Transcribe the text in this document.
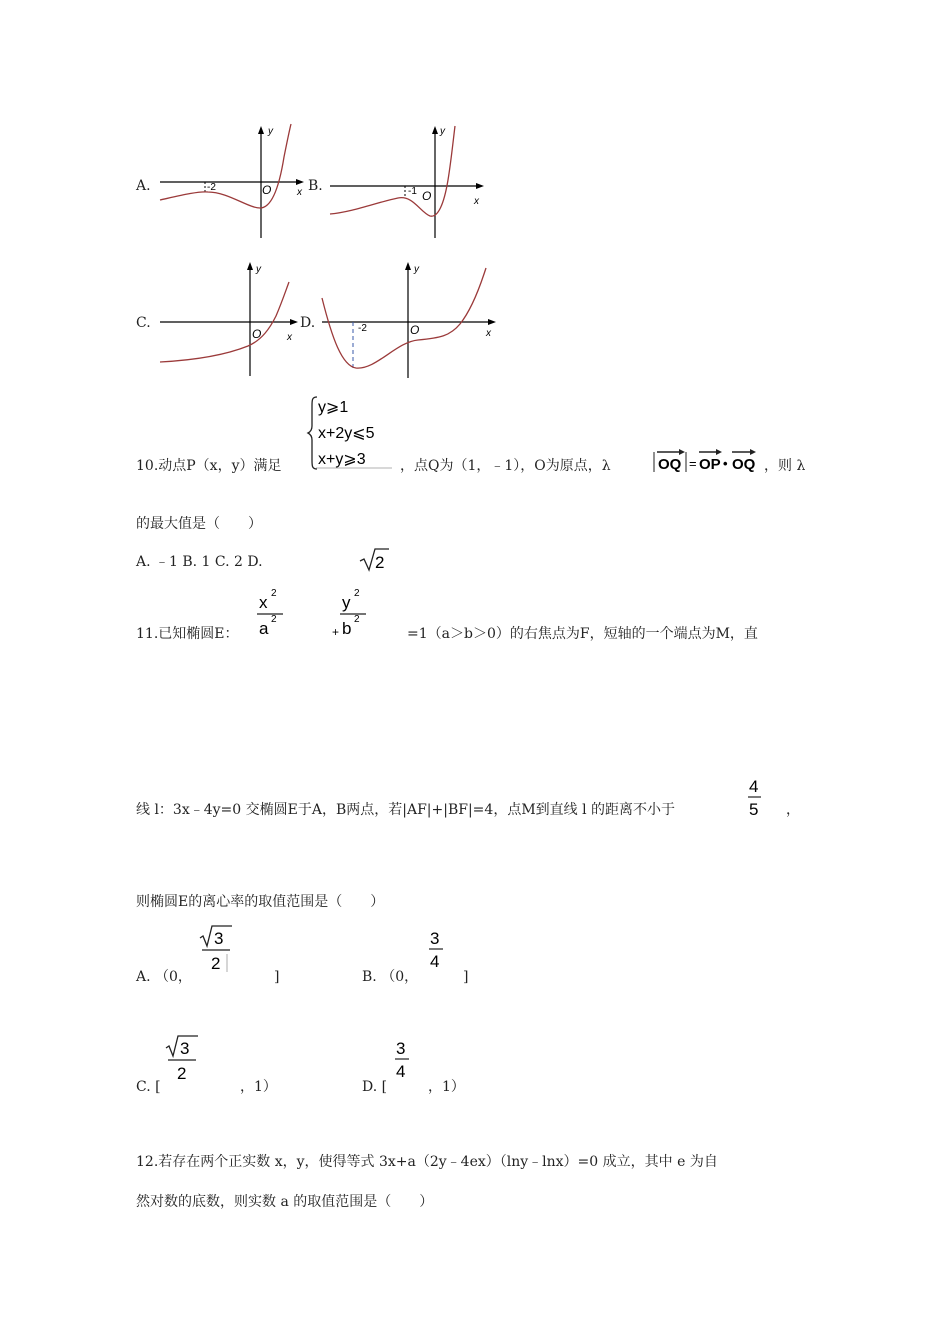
A.	-2	O	x
y
B.	-1 O	x
y
C.
O	x
y
D.	-2	O	x
y
y⩾1
x+2y⩽5
x+y⩾3
10.动点P（x，y）满足	，点Q为（1，﹣1），O为原点，λ	OQ = OP • OQ ，则 λ
的最大值是（　　）
A. ﹣1 B. 1 C. 2 D.	2
x 2
a 2
y 2
+ b 2
11.已知椭圆E：	=1（a＞b＞0）的右焦点为F，短轴的一个端点为M，直
线 l：3x﹣4y=0 交椭圆E于A，B两点，若|AF|+|BF|=4，点M到直线 l 的距离不小于
4
5 ，
则椭圆E的离心率的取值范围是（　　）
A. （0，
3
2
]	B. （0，
3
4
]
C. [
3
2
，1）	D. [
3
4
，1）
12.若存在两个正实数 x，y，使得等式 3x+a（2y﹣4ex）（lny﹣lnx）=0 成立，其中 e 为自
然对数的底数，则实数 a 的取值范围是（　　）
